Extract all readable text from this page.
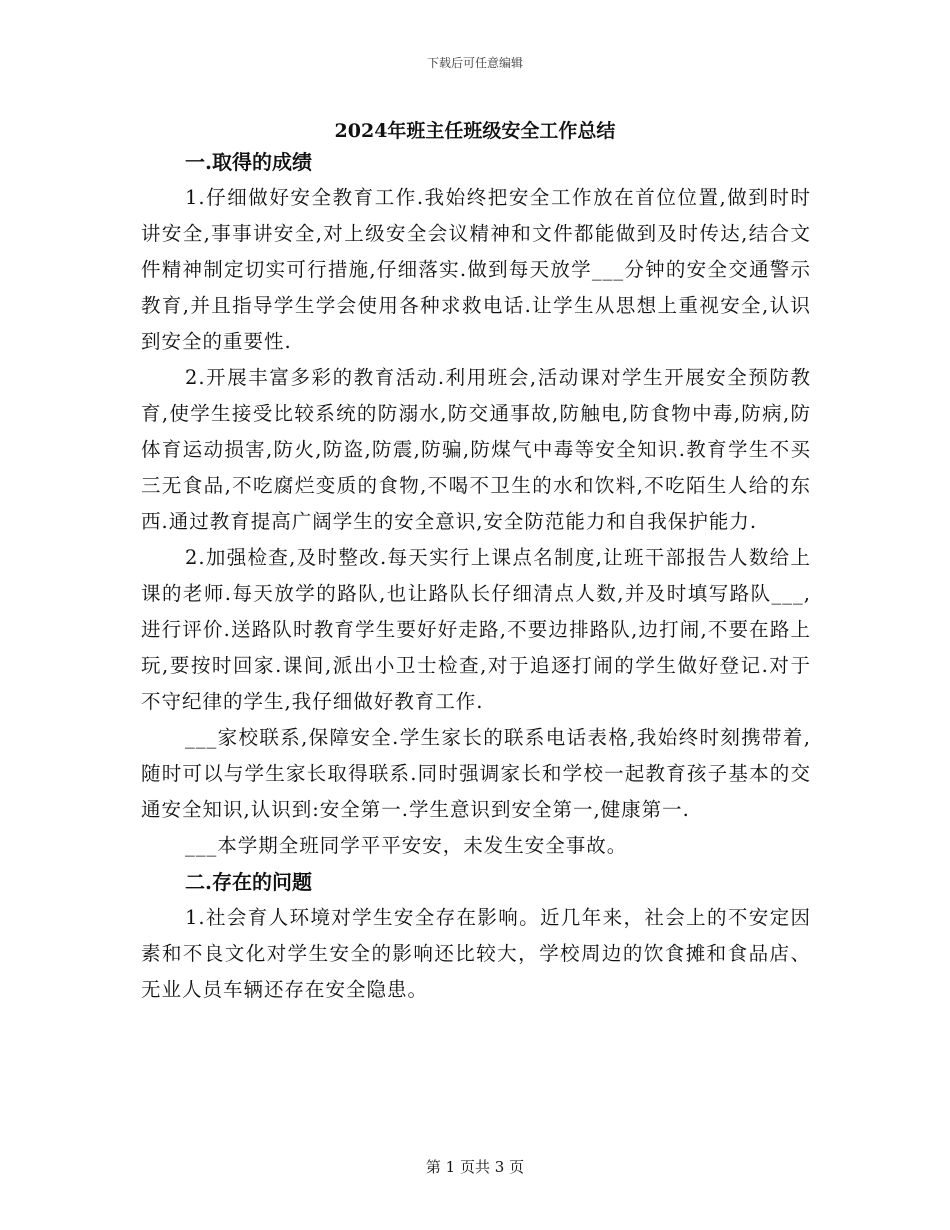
下载后可任意编辑
2024年班主任班级安全工作总结
一.取得的成绩

1.仔细做好安全教育工作.我始终把安全工作放在首位位置,做到时时讲安全,事事讲安全,对上级安全会议精神和文件都能做到及时传达,结合文件精神制定切实可行措施,仔细落实.做到每天放学___分钟的安全交通警示教育,并且指导学生学会使用各种求救电话.让学生从思想上重视安全,认识到安全的重要性.

2.开展丰富多彩的教育活动.利用班会,活动课对学生开展安全预防教育,使学生接受比较系统的防溺水,防交通事故,防触电,防食物中毒,防病,防体育运动损害,防火,防盗,防震,防骗,防煤气中毒等安全知识.教育学生不买三无食品,不吃腐烂变质的食物,不喝不卫生的水和饮料,不吃陌生人给的东西.通过教育提高广阔学生的安全意识,安全防范能力和自我保护能力.

2.加强检查,及时整改.每天实行上课点名制度,让班干部报告人数给上课的老师.每天放学的路队,也让路队长仔细清点人数,并及时填写路队___,进行评价.送路队时教育学生要好好走路,不要边排路队,边打闹,不要在路上玩,要按时回家.课间,派出小卫士检查,对于追逐打闹的学生做好登记.对于不守纪律的学生,我仔细做好教育工作.

___家校联系,保障安全.学生家长的联系电话表格,我始终时刻携带着,随时可以与学生家长取得联系.同时强调家长和学校一起教育孩子基本的交通安全知识,认识到:安全第一.学生意识到安全第一,健康第一.

___本学期全班同学平平安安，未发生安全事故。

二.存在的问题

1.社会育人环境对学生安全存在影响。近几年来，社会上的不安定因素和不良文化对学生安全的影响还比较大，学校周边的饮食摊和食品店、无业人员车辆还存在安全隐患。

第 1 页共 3 页
